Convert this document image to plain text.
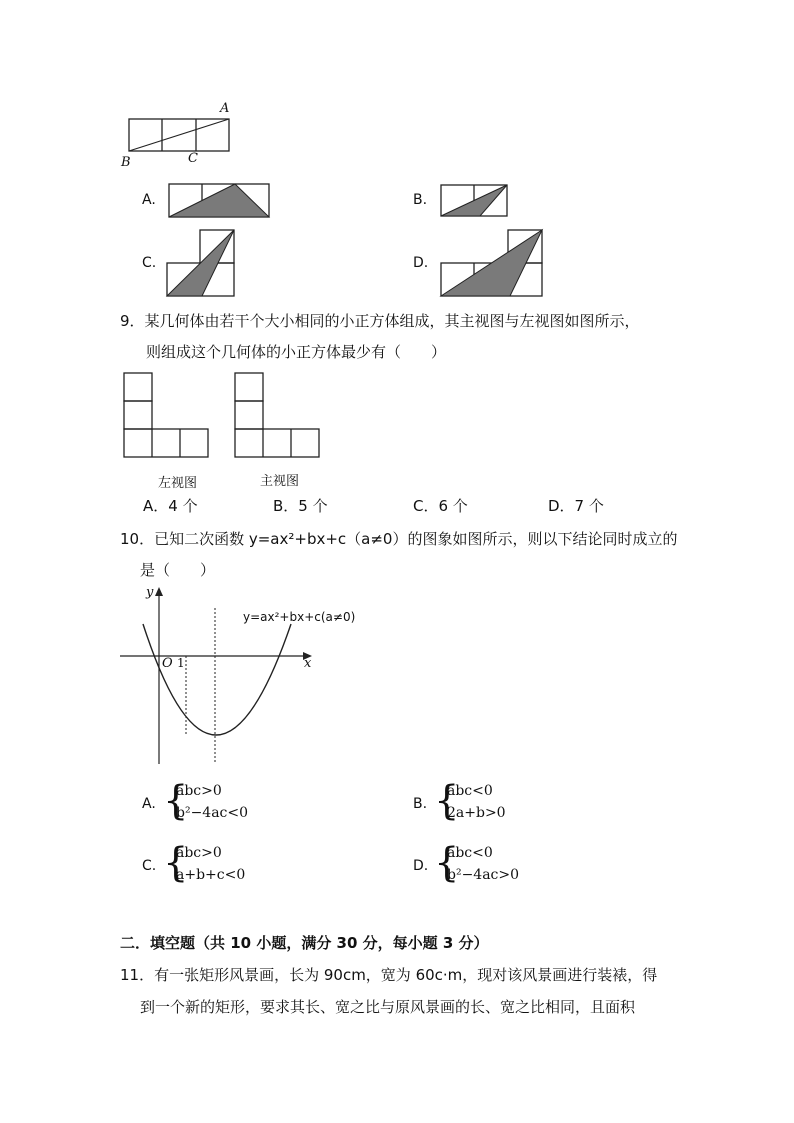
A
B	C
A.	B.
C.	D.
9．某几何体由若干个大小相同的小正方体组成，其主视图与左视图如图所示，
则组成这个几何体的小正方体最少有（　　）
左视图	主视图
A．4 个	B．5 个	C．6 个	D．7 个
10．已知二次函数 y=ax²+bx+c（a≠0）的图象如图所示，则以下结论同时成立的
是（　　）
y
x
O 1
y=ax²+bx+c(a≠0)
A. {
abc>0
b²−4ac<0
B. {
abc<0
2a+b>0
C. {
abc>0
a+b+c<0
D. {
abc<0
b²−4ac>0
二．填空题（共 10 小题，满分 30 分，每小题 3 分）
11．有一张矩形风景画，长为 90cm，宽为 60c·m，现对该风景画进行装裱，得
到一个新的矩形，要求其长、宽之比与原风景画的长、宽之比相同，且面积
